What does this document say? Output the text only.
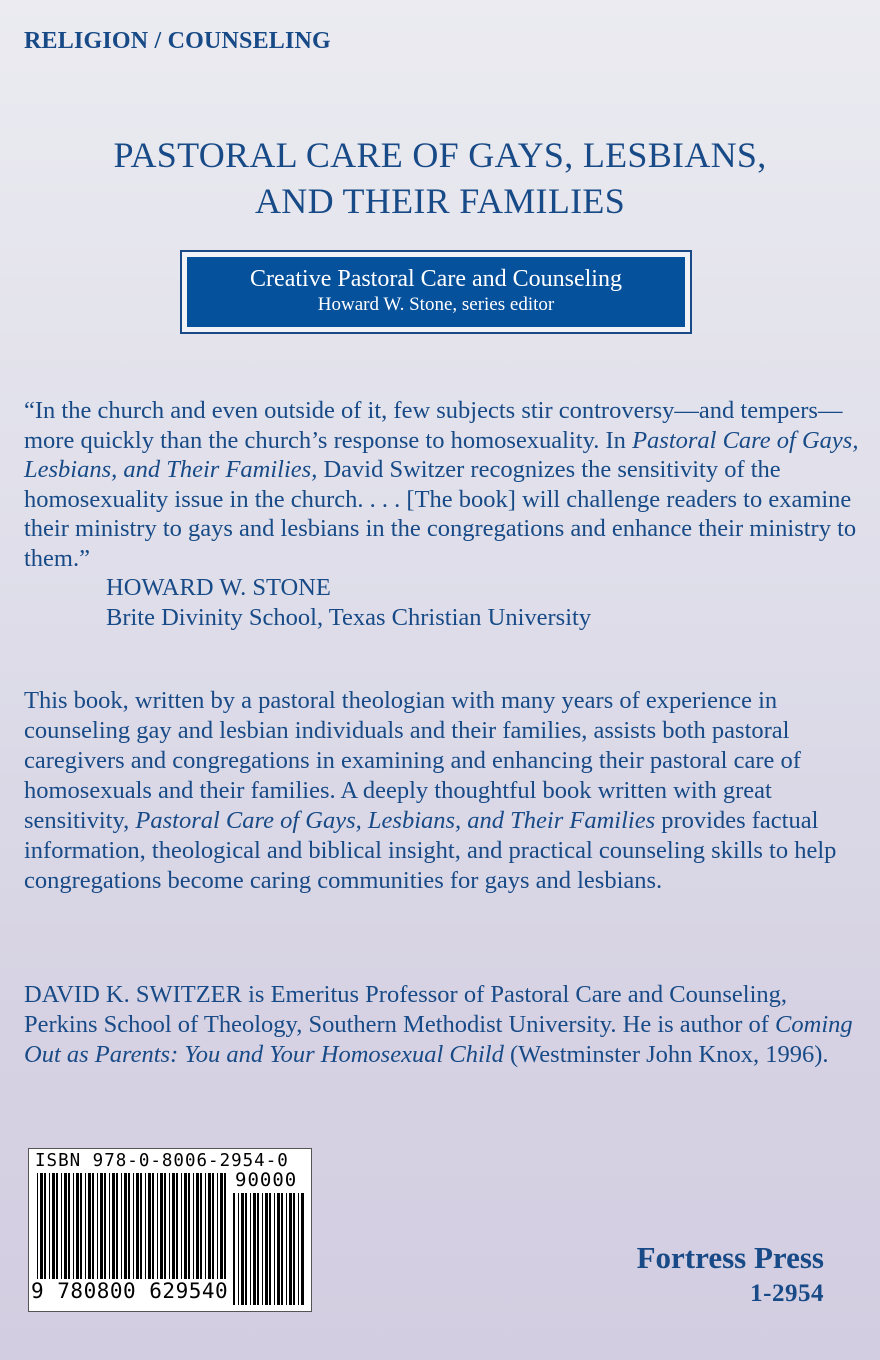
RELIGION / COUNSELING
PASTORAL CARE OF GAYS, LESBIANS,
AND THEIR FAMILIES
Creative Pastoral Care and Counseling
Howard W. Stone, series editor
“In the church and even outside of it, few subjects stir controversy—and tempers—more quickly than the church’s response to homosexuality. In Pastoral Care of Gays, Lesbians, and Their Families, David Switzer recognizes the sensitivity of the homosexuality issue in the church. . . . [The book] will challenge readers to examine their ministry to gays and lesbians in the congregations and enhance their ministry to them.”
HOWARD W. STONE
Brite Divinity School, Texas Christian University
This book, written by a pastoral theologian with many years of experience in counseling gay and lesbian individuals and their families, assists both pastoral caregivers and congregations in examining and enhancing their pastoral care of homosexuals and their families. A deeply thoughtful book written with great sensitivity, Pastoral Care of Gays, Lesbians, and Their Families provides factual information, theological and biblical insight, and practical counseling skills to help congregations become caring communities for gays and lesbians.
DAVID K. SWITZER is Emeritus Professor of Pastoral Care and Counseling, Perkins School of Theology, Southern Methodist University. He is author of Coming Out as Parents: You and Your Homosexual Child (Westminster John Knox, 1996).
ISBN 978-0-8006-2954-0
90000
9 780800 629540
Fortress Press
1-2954
